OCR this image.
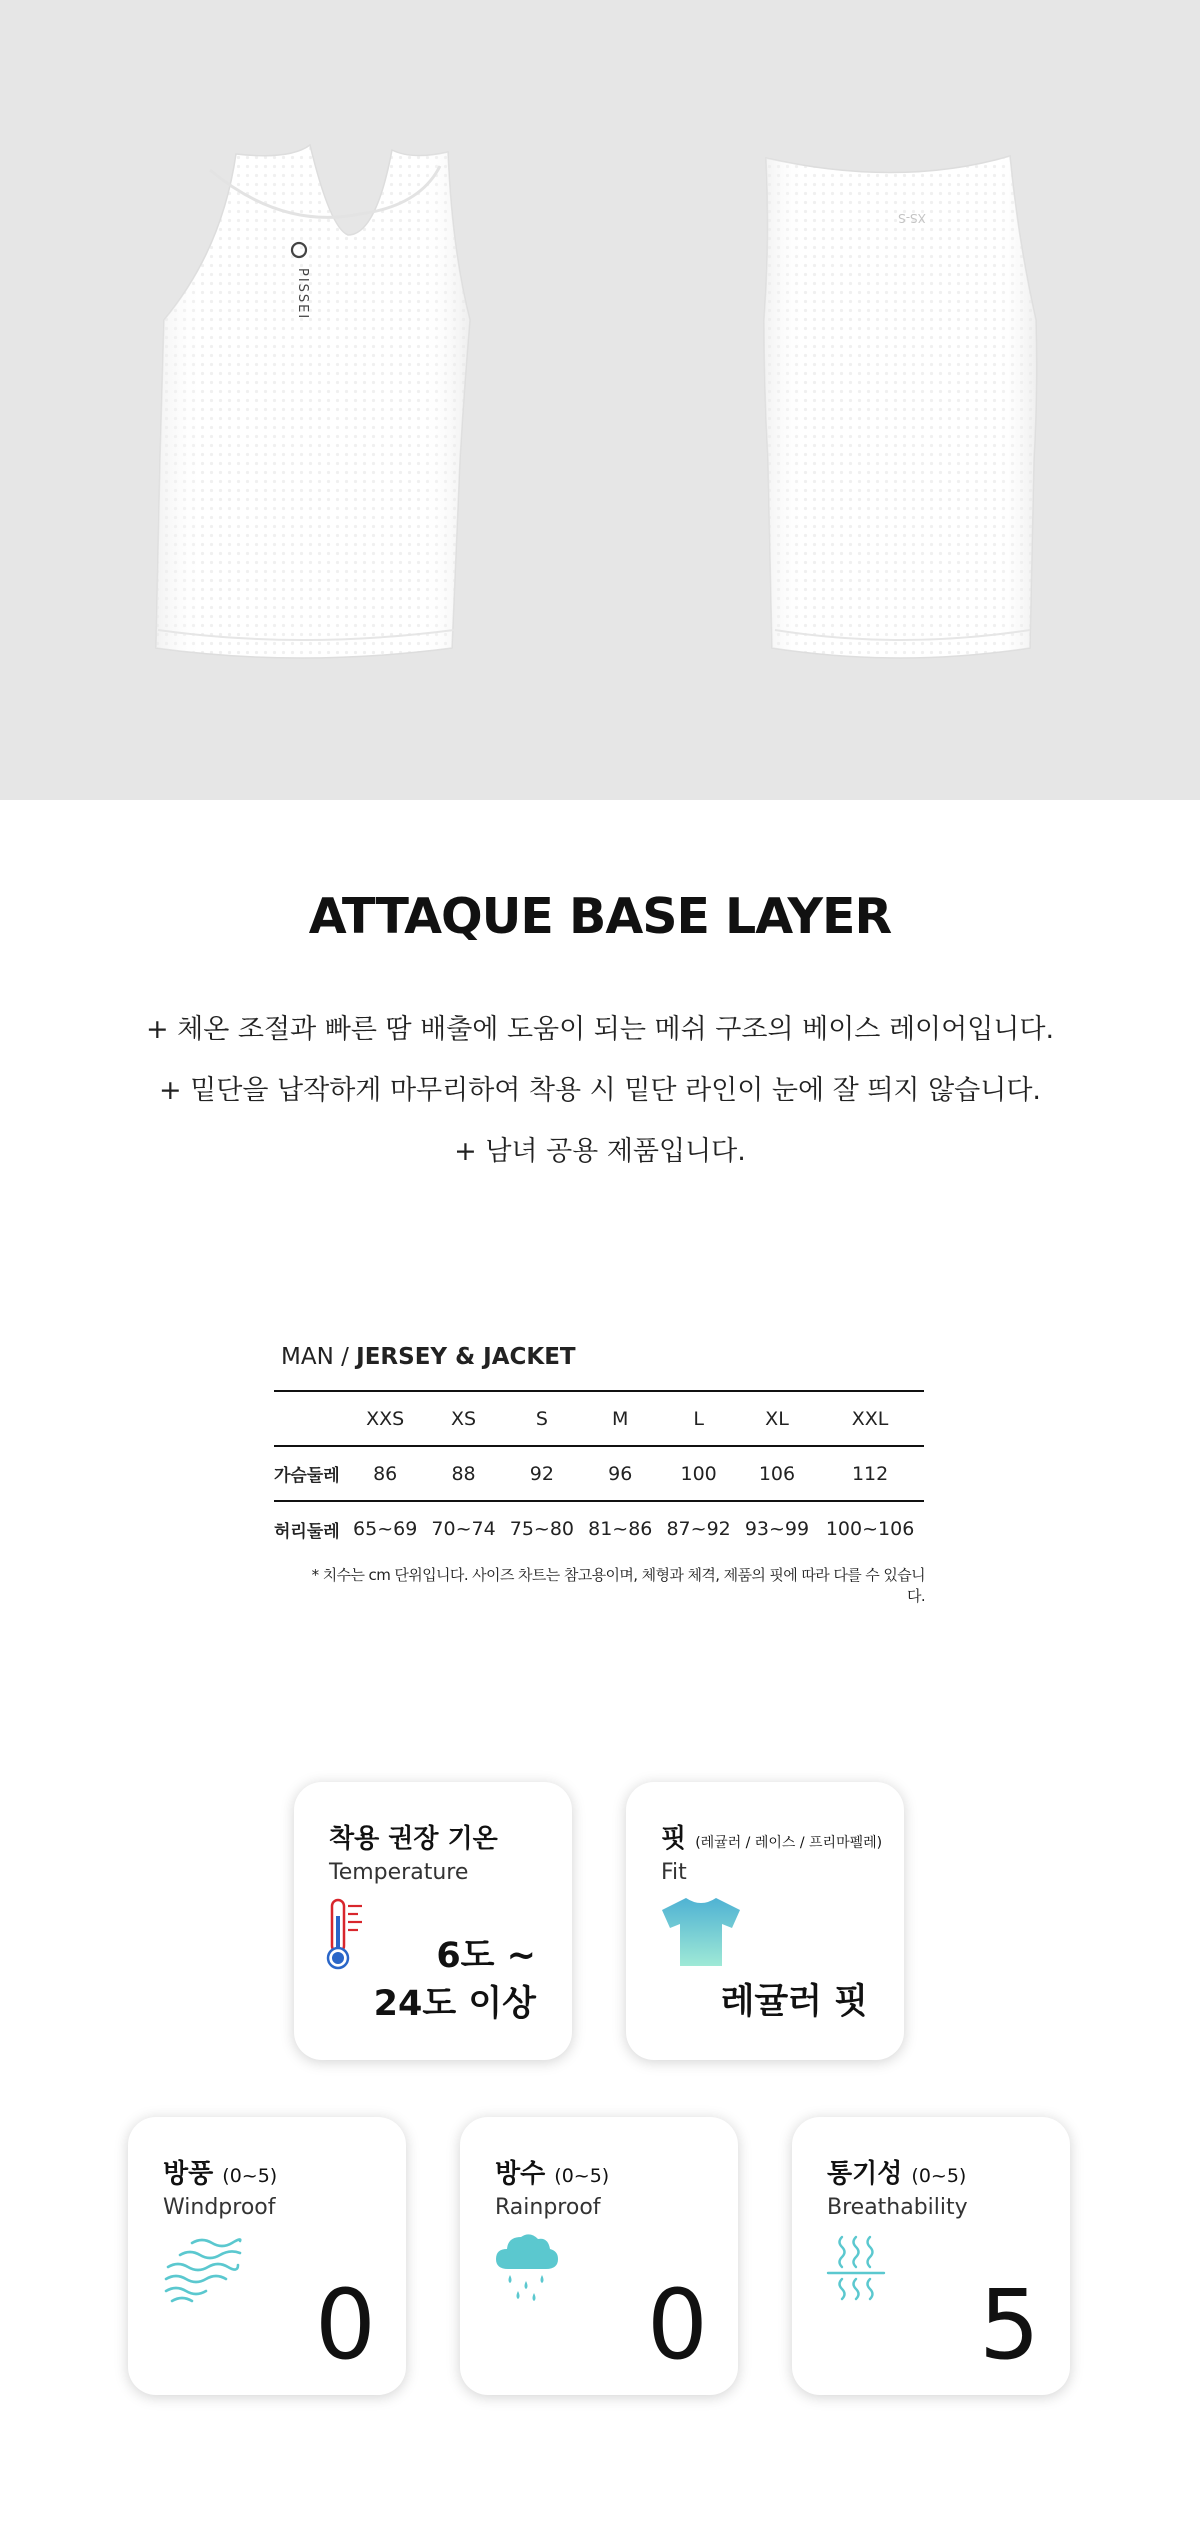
PISSEI
XS-S
ATTAQUE BASE LAYER
+ 체온 조절과 빠른 땀 배출에 도움이 되는 메쉬 구조의 베이스 레이어입니다.
+ 밑단을 납작하게 마무리하여 착용 시 밑단 라인이 눈에 잘 띄지 않습니다.
+ 남녀 공용 제품입니다.
MAN / JERSEY & JACKET
	XXS	XS	S	M	L	XL	XXL
가슴둘레	86	88	92	96	100	106	112
허리둘레	65~69	70~74	75~80	81~86	87~92	93~99	100~106
* 치수는 cm 단위입니다. 사이즈 차트는 참고용이며, 체형과 체격, 제품의 핏에 따라 다를 수 있습니다.
착용 권장 기온
Temperature
6도 ~
24도 이상
핏 (레귤러 / 레이스 / 프리마펠레)
Fit
레귤러 핏
방풍 (0~5)
Windproof
0
방수 (0~5)
Rainproof
0
통기성 (0~5)
Breathability
5
